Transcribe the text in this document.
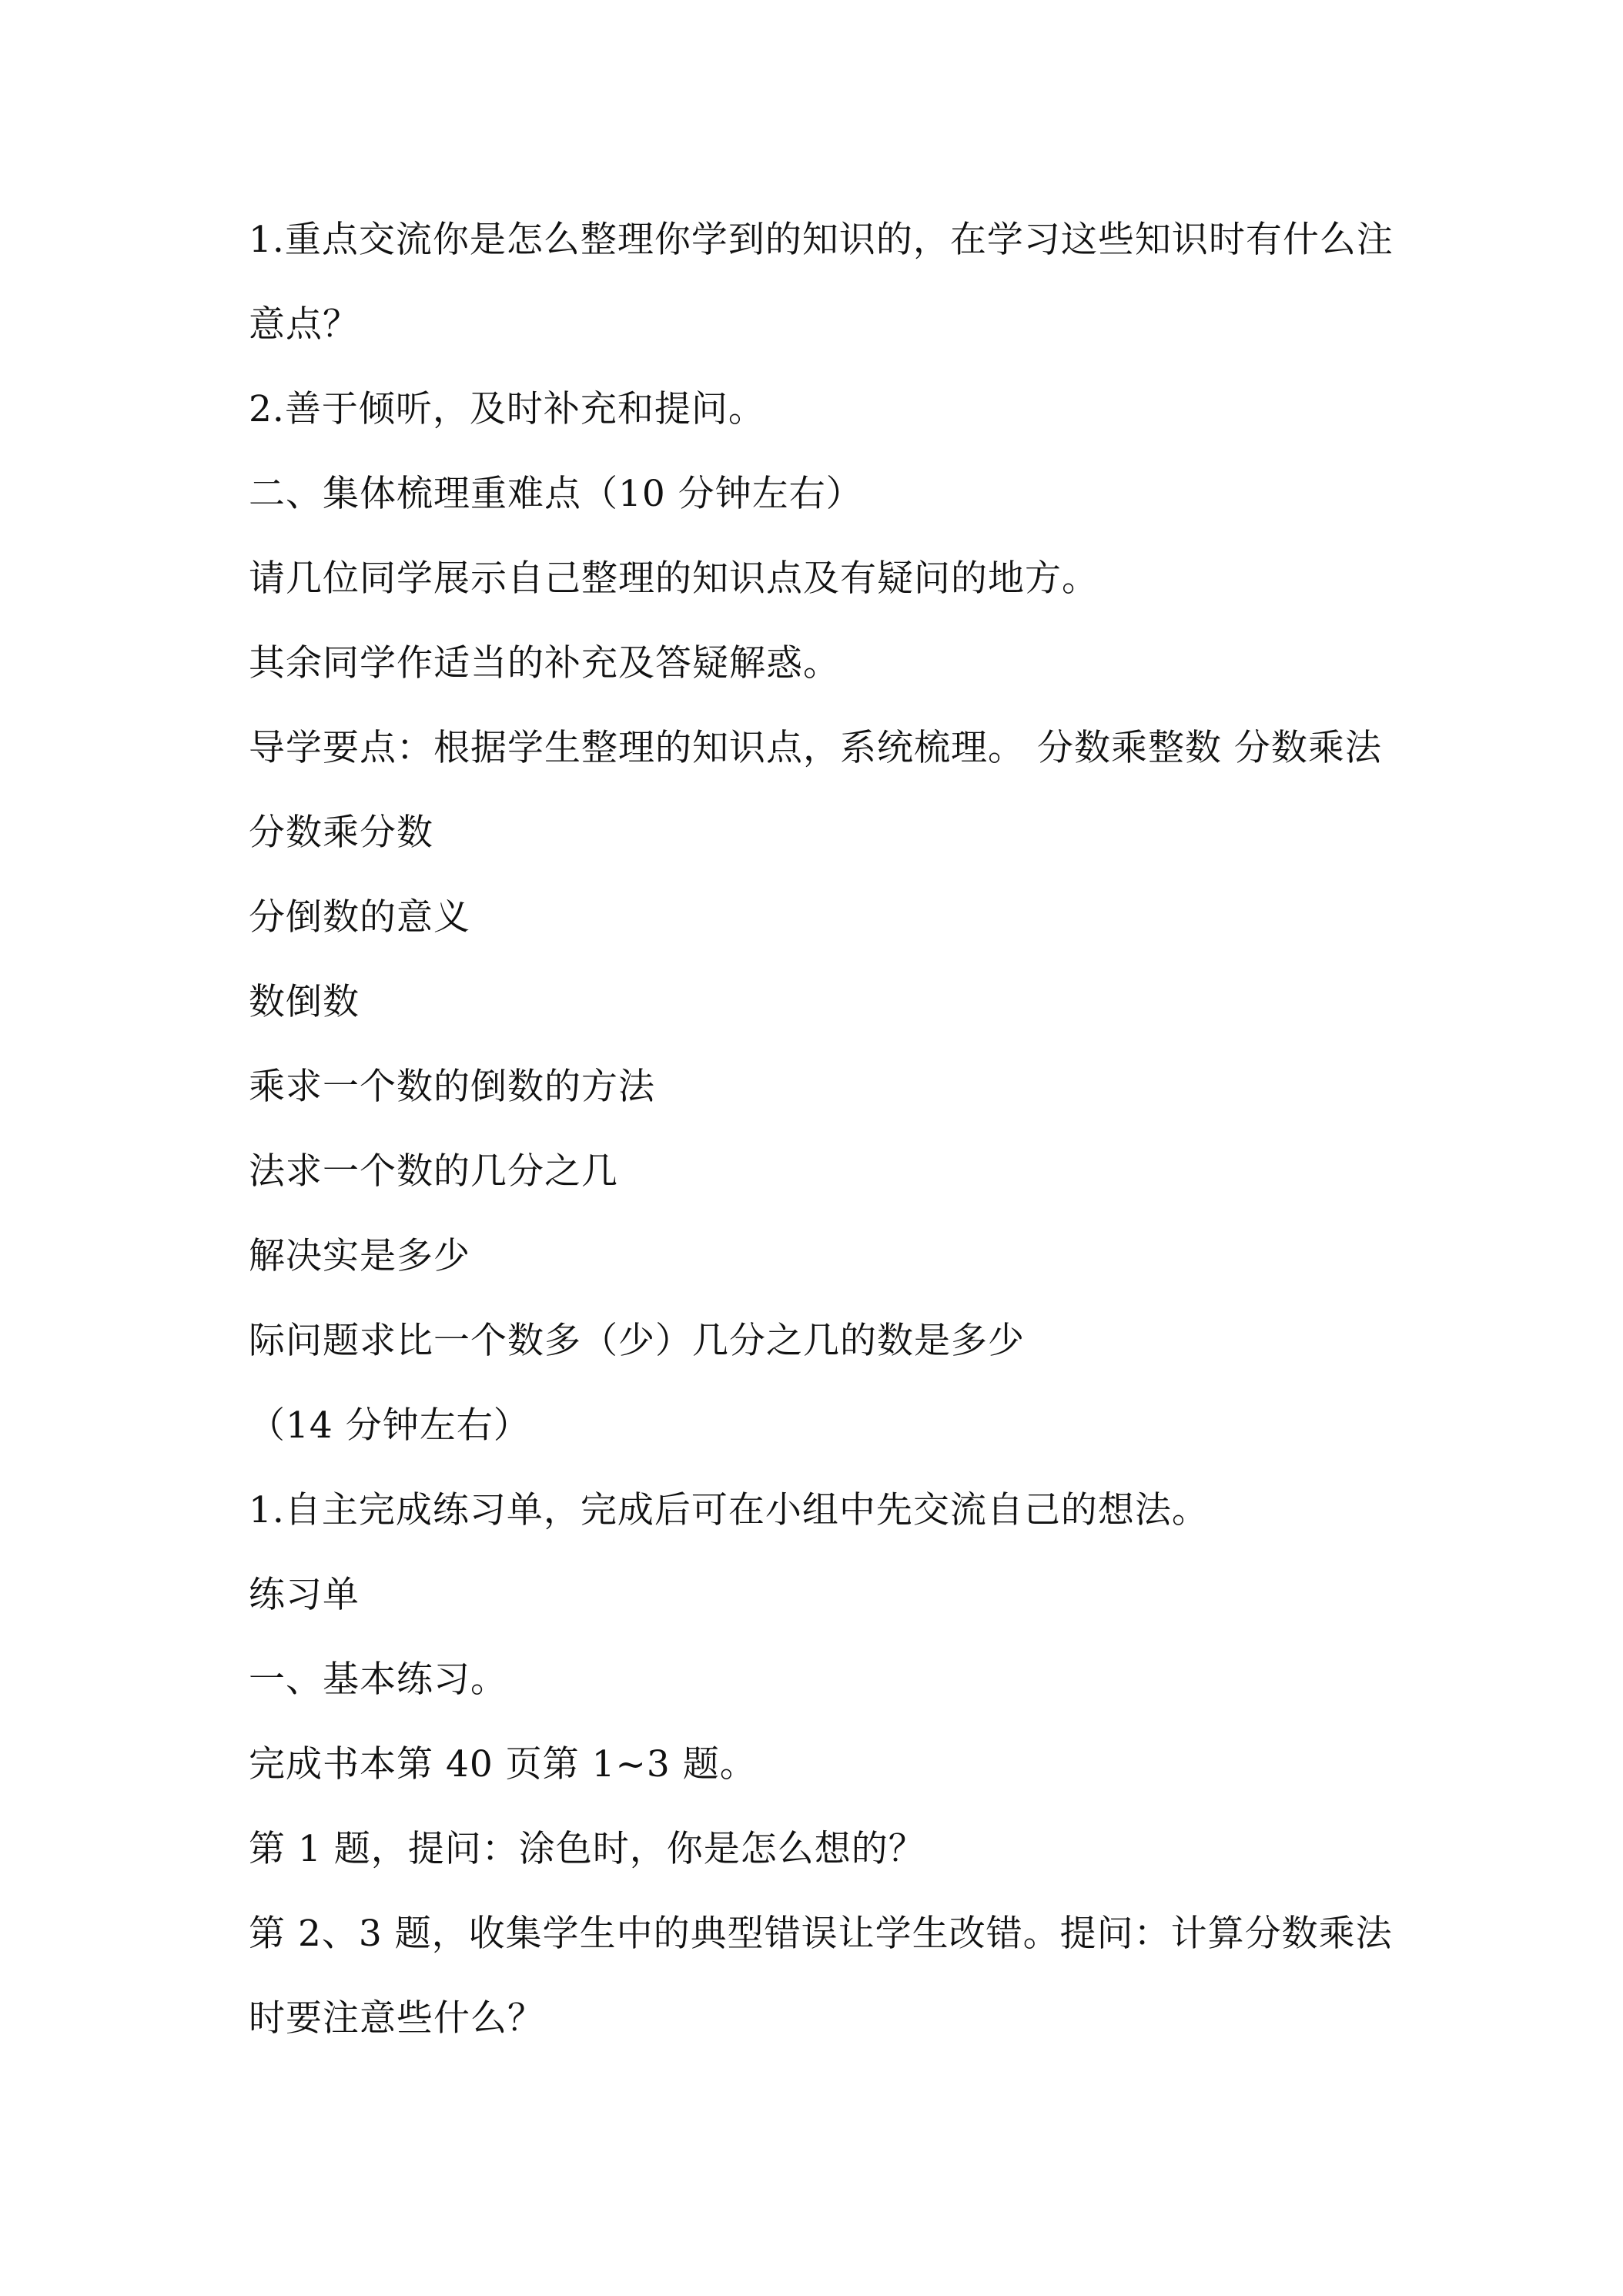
1.重点交流你是怎么整理你学到的知识的，在学习这些知识时有什么注
意点？
2.善于倾听，及时补充和提问。
二、集体梳理重难点（10 分钟左右）
请几位同学展示自己整理的知识点及有疑问的地方。
其余同学作适当的补充及答疑解惑。
导学要点：根据学生整理的知识点，系统梳理。 分数乘整数 分数乘法
分数乘分数
分倒数的意义
数倒数
乘求一个数的倒数的方法
法求一个数的几分之几
解决实是多少
际问题求比一个数多（少）几分之几的数是多少
（14 分钟左右）
1.自主完成练习单，完成后可在小组中先交流自己的想法。
练习单
一、基本练习。
完成书本第 40 页第 1~3 题。
第 1 题，提问：涂色时，你是怎么想的？
第 2、3 题，收集学生中的典型错误让学生改错。提问：计算分数乘法
时要注意些什么？
